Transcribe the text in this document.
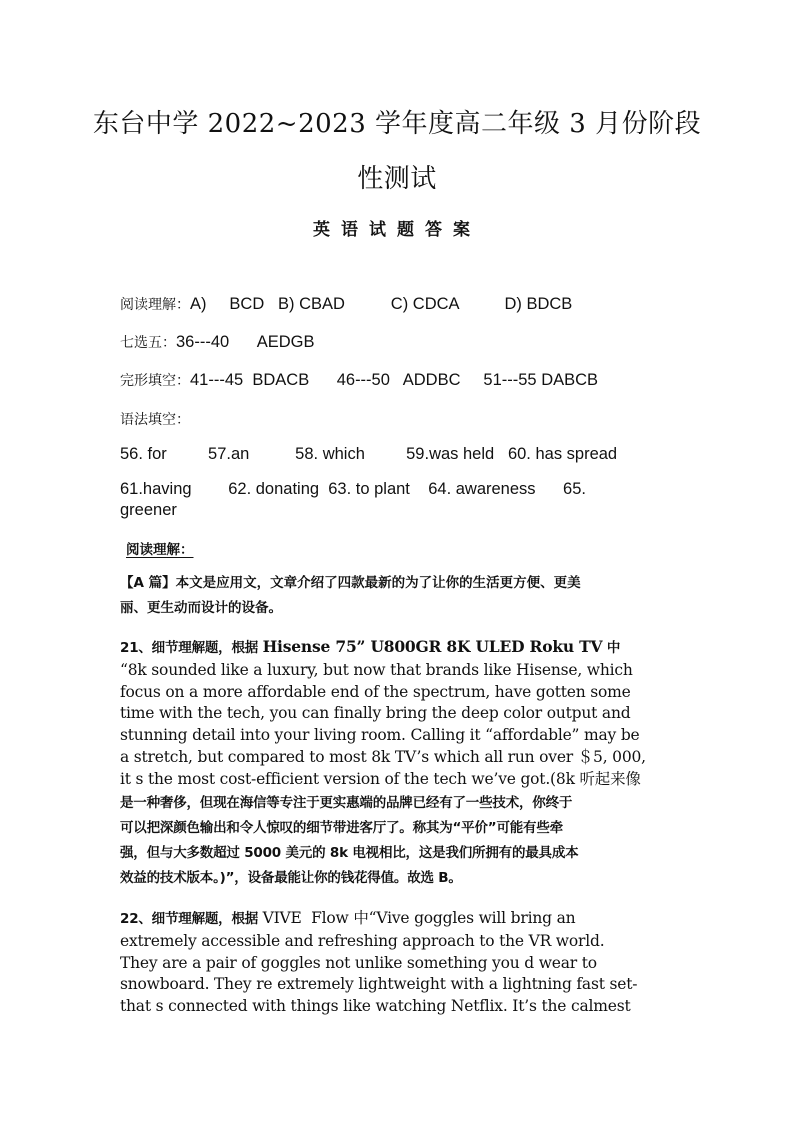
东台中学 2022~2023 学年度高二年级 3 月份阶段
性测试
英语试题答案
阅读理解：A)     BCD   B) CBAD          C) CDCA          D) BDCB
七选五：36---40      AEDGB
完形填空：41---45  BDACB      46---50   ADDBC     51---55 DABCB
语法填空：
56. for         57.an          58. which         59.was held   60. has spread
61.having        62. donating  63. to plant    64. awareness      65.
greener
阅读理解：
【A 篇】本文是应用文，文章介绍了四款最新的为了让你的生活更方便、更美
丽、更生动而设计的设备。
21、细节理解题，根据 Hisense 75” U800GR 8K ULED Roku TV 中
“8k sounded like a luxury, but now that brands like Hisense, which
focus on a more affordable end of the spectrum, have gotten some
time with the tech, you can finally bring the deep color output and
stunning detail into your living room. Calling it “affordable” may be
a stretch, but compared to most 8k TV’s which all run over ＄5, 000,
it s the most cost-efficient version of the tech we’ve got.(8k 听起来像
是一种奢侈，但现在海信等专注于更实惠端的品牌已经有了一些技术，你终于
可以把深颜色输出和令人惊叹的细节带进客厅了。称其为“平价”可能有些牵
强，但与大多数超过 5000 美元的 8k 电视相比，这是我们所拥有的最具成本
效益的技术版本。)”，设备最能让你的钱花得值。故选 B。
22、细节理解题，根据 VIVE  Flow 中“Vive goggles will bring an
extremely accessible and refreshing approach to the VR world.
They are a pair of goggles not unlike something you d wear to
snowboard. They re extremely lightweight with a lightning fast set-
that s connected with things like watching Netflix. It’s the calmest
